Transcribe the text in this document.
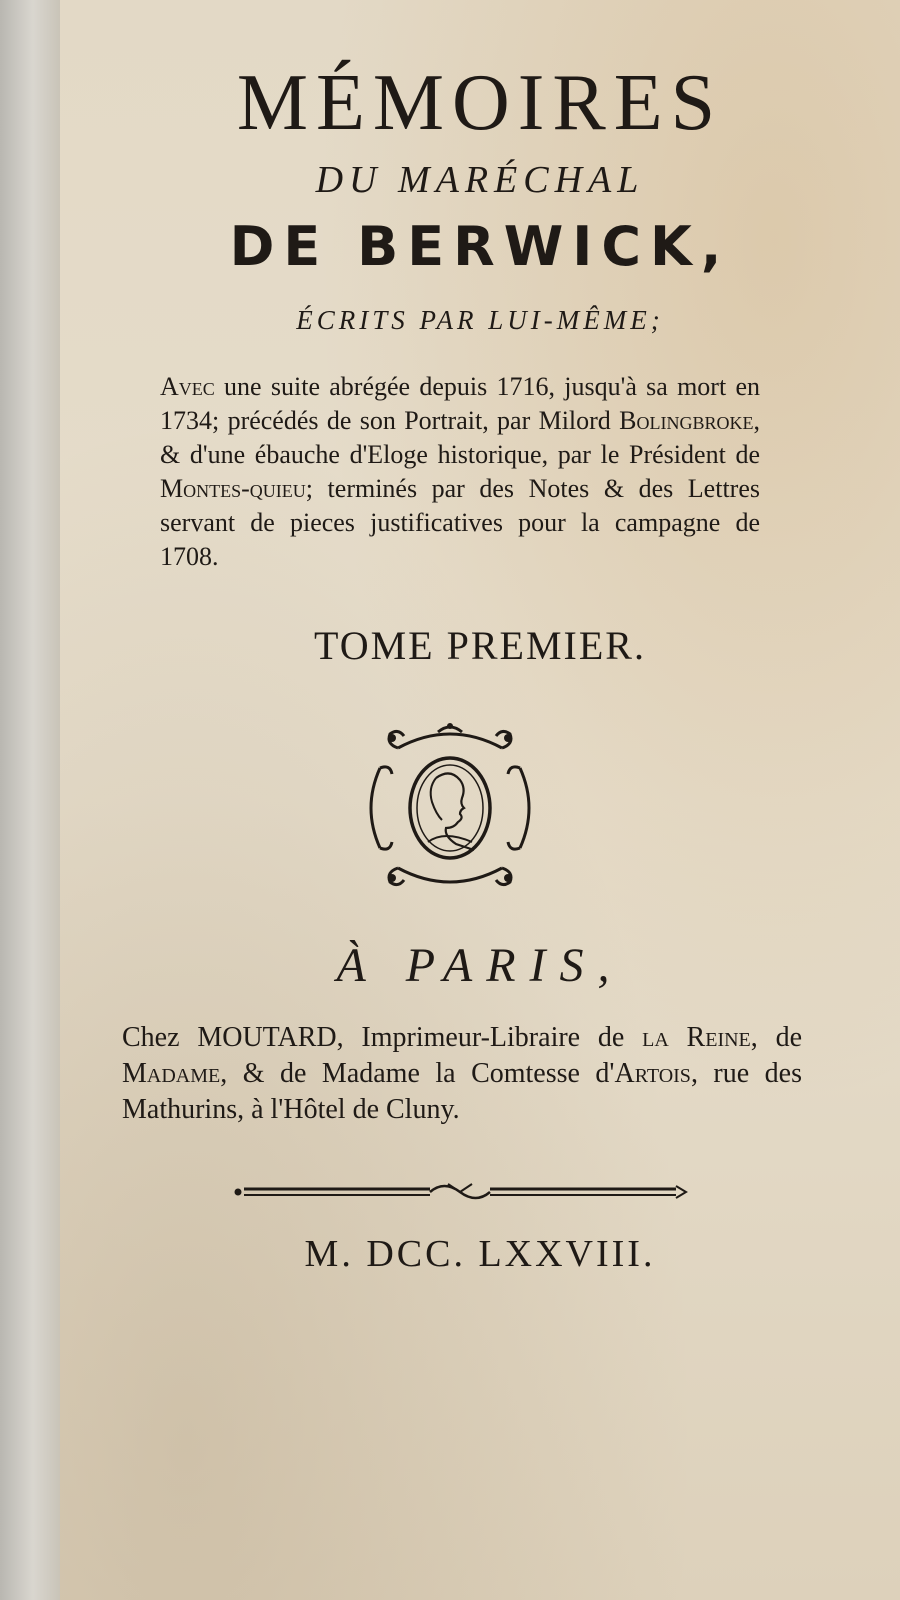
MÉMOIRES
DU MARÉCHAL
DE BERWICK,
ÉCRITS PAR LUI-MÊME;
Avec une suite abrégée depuis 1716, jusqu'à sa mort en 1734; précédés de son Portrait, par Milord Bolingbroke, & d'une ébauche d'Eloge historique, par le Président de Montes-quieu; terminés par des Notes & des Lettres servant de pieces justificatives pour la campagne de 1708.
TOME PREMIER.
À PARIS,
Chez MOUTARD, Imprimeur-Libraire de la Reine, de Madame, & de Madame la Comtesse d'Artois, rue des Mathurins, à l'Hôtel de Cluny.
M. DCC. LXXVIII.
